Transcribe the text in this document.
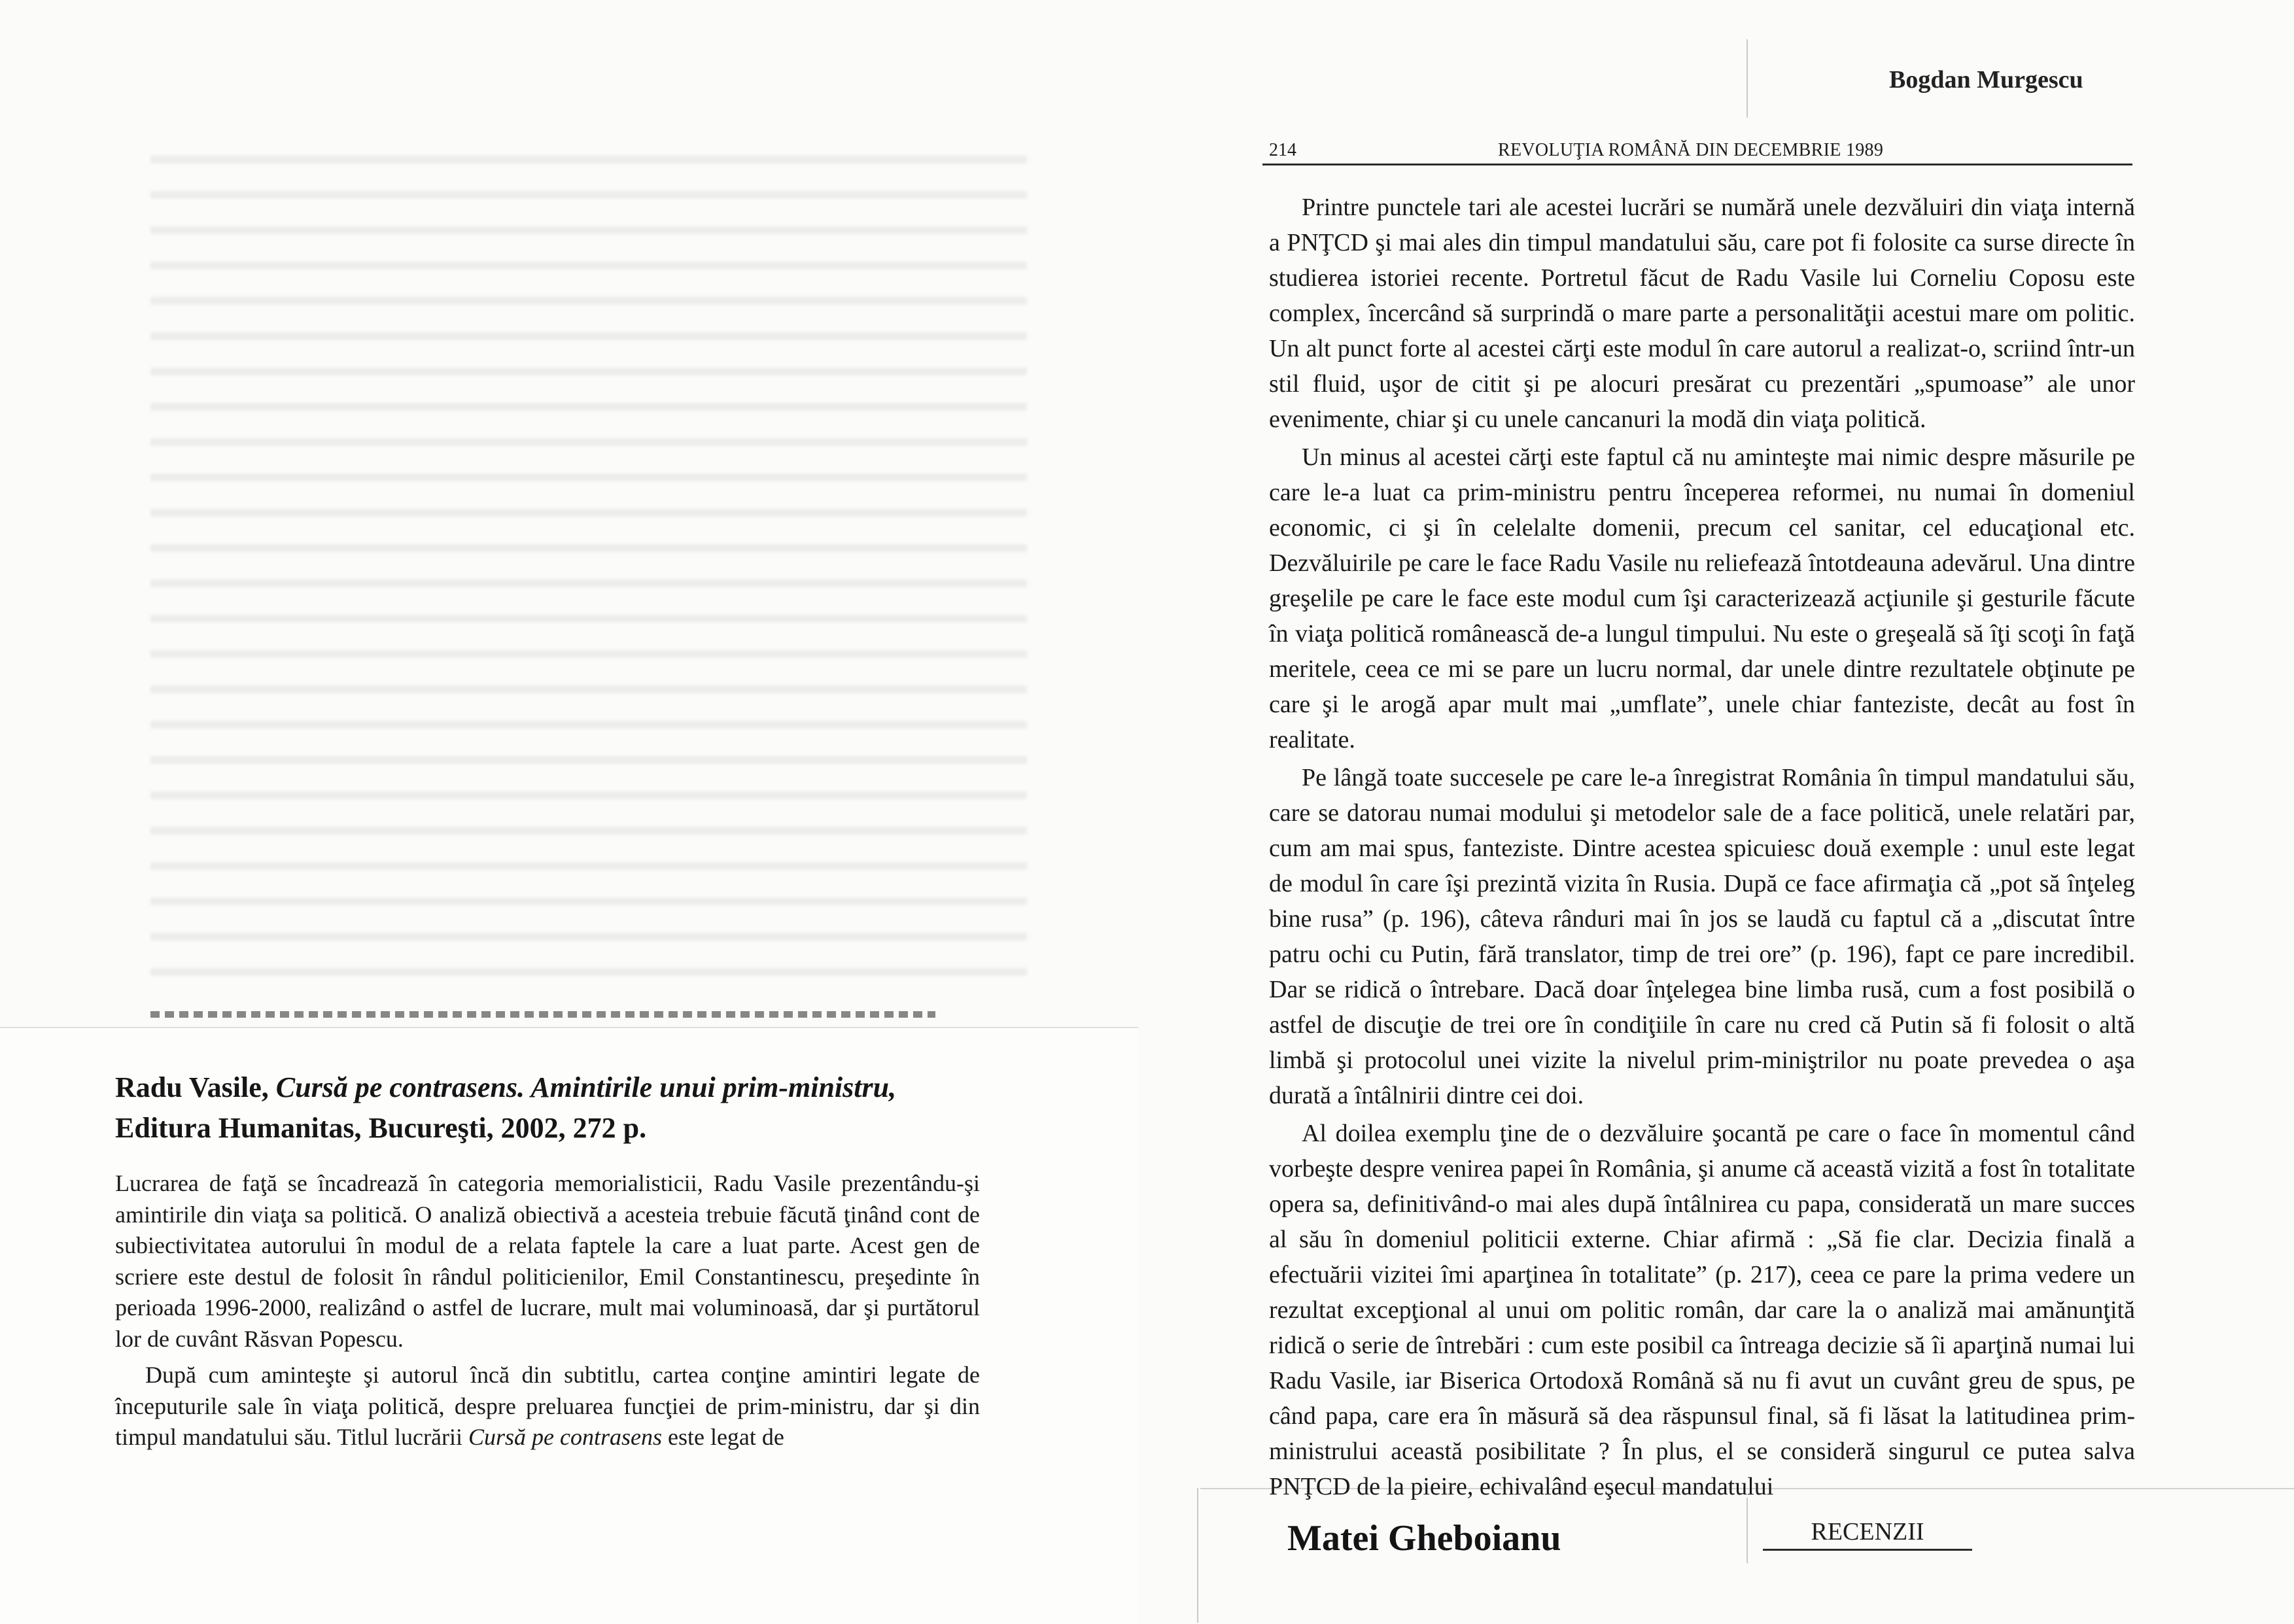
Bogdan Murgescu
214	REVOLUŢIA ROMÂNĂ DIN DECEMBRIE 1989
Radu Vasile, Cursă pe contrasens. Amintirile unui prim-ministru,
Editura Humanitas, Bucureşti, 2002, 272 p.

Lucrarea de faţă se încadrează în categoria memorialisticii, Radu Vasile prezentându-şi amintirile din viaţa sa politică. O analiză obiectivă a acesteia trebuie făcută ţinând cont de subiectivitatea autorului în modul de a relata faptele la care a luat parte. Acest gen de scriere este destul de folosit în rândul politicienilor, Emil Constantinescu, preşedinte în perioada 1996-2000, realizând o astfel de lucrare, mult mai voluminoasă, dar şi purtătorul lor de cuvânt Răsvan Popescu.

După cum aminteşte şi autorul încă din subtitlu, cartea conţine amintiri legate de începuturile sale în viaţa politică, despre preluarea funcţiei de prim-ministru, dar şi din timpul mandatului său. Titlul lucrării Cursă pe contrasens este legat de

Printre punctele tari ale acestei lucrări se numără unele dezvăluiri din viaţa internă a PNŢCD şi mai ales din timpul mandatului său, care pot fi folosite ca surse directe în studierea istoriei recente. Portretul făcut de Radu Vasile lui Corneliu Coposu este complex, încercând să surprindă o mare parte a personalităţii acestui mare om politic. Un alt punct forte al acestei cărţi este modul în care autorul a realizat-o, scriind într-un stil fluid, uşor de citit şi pe alocuri presărat cu prezentări „spumoase” ale unor evenimente, chiar şi cu unele cancanuri la modă din viaţa politică.

Un minus al acestei cărţi este faptul că nu aminteşte mai nimic despre măsurile pe care le-a luat ca prim-ministru pentru începerea reformei, nu numai în domeniul economic, ci şi în celelalte domenii, precum cel sanitar, cel educaţional etc. Dezvăluirile pe care le face Radu Vasile nu reliefează întotdeauna adevărul. Una dintre greşelile pe care le face este modul cum îşi caracterizează acţiunile şi gesturile făcute în viaţa politică românească de-a lungul timpului. Nu este o greşeală să îţi scoţi în faţă meritele, ceea ce mi se pare un lucru normal, dar unele dintre rezultatele obţinute pe care şi le arogă apar mult mai „umflate”, unele chiar fanteziste, decât au fost în realitate.

Pe lângă toate succesele pe care le-a înregistrat România în timpul mandatului său, care se datorau numai modului şi metodelor sale de a face politică, unele relatări par, cum am mai spus, fanteziste. Dintre acestea spicuiesc două exemple : unul este legat de modul în care îşi prezintă vizita în Rusia. După ce face afirmaţia că „pot să înţeleg bine rusa” (p. 196), câteva rânduri mai în jos se laudă cu faptul că a „discutat între patru ochi cu Putin, fără translator, timp de trei ore” (p. 196), fapt ce pare incredibil. Dar se ridică o întrebare. Dacă doar înţelegea bine limba rusă, cum a fost posibilă o astfel de discuţie de trei ore în condiţiile în care nu cred că Putin să fi folosit o altă limbă şi protocolul unei vizite la nivelul prim-miniştrilor nu poate prevedea o aşa durată a întâlnirii dintre cei doi.

Al doilea exemplu ţine de o dezvăluire şocantă pe care o face în momentul când vorbeşte despre venirea papei în România, şi anume că această vizită a fost în totalitate opera sa, definitivând-o mai ales după întâlnirea cu papa, considerată un mare succes al său în domeniul politicii externe. Chiar afirmă : „Să fie clar. Decizia finală a efectuării vizitei îmi aparţinea în totalitate” (p. 217), ceea ce pare la prima vedere un rezultat excepţional al unui om politic român, dar care la o analiză mai amănunţită ridică o serie de întrebări : cum este posibil ca întreaga decizie să îi aparţină numai lui Radu Vasile, iar Biserica Ortodoxă Română să nu fi avut un cuvânt greu de spus, pe când papa, care era în măsură să dea răspunsul final, să fi lăsat la latitudinea prim-ministrului această posibilitate ? În plus, el se consideră singurul ce putea salva PNŢCD de la pieire, echivalând eşecul mandatului

Matei Gheboianu	RECENZII
